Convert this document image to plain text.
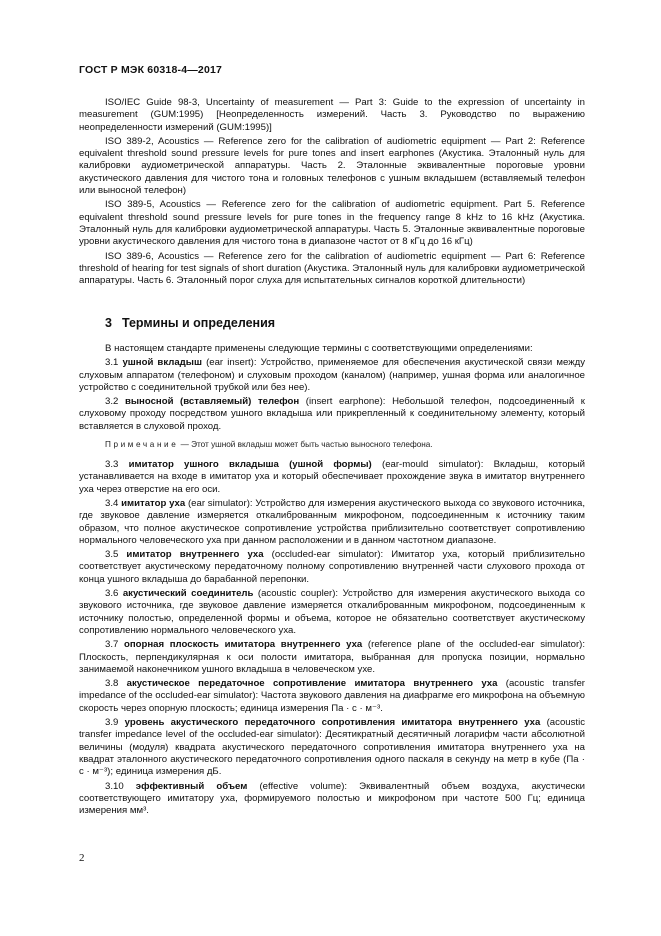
ГОСТ Р МЭК 60318-4—2017

ISO/IEC Guide 98-3, Uncertainty of measurement — Part 3: Guide to the expression of uncertainty in measurement (GUM:1995) [Неопределенность измерений. Часть 3. Руководство по выражению неопределенности измерений (GUM:1995)]

ISO 389-2, Acoustics — Reference zero for the calibration of audiometric equipment — Part 2: Reference equivalent threshold sound pressure levels for pure tones and insert earphones (Акустика. Эталонный нуль для калибровки аудиометрической аппаратуры. Часть 2. Эталонные эквивалентные пороговые уровни акустического давления для чистого тона и головных телефонов с ушным вкладышем (вставляемый телефон или выносной телефон)

ISO 389-5, Acoustics — Reference zero for the calibration of audiometric equipment. Part 5. Reference equivalent threshold sound pressure levels for pure tones in the frequency range 8 kHz to 16 kHz (Акустика. Эталонный нуль для калибровки аудиометрической аппаратуры. Часть 5. Эталонные эквивалентные пороговые уровни акустического давления для чистого тона в диапазоне частот от 8 кГц до 16 кГц)

ISO 389-6, Acoustics — Reference zero for the calibration of audiometric equipment — Part 6: Reference threshold of hearing for test signals of short duration (Акустика. Эталонный нуль для калибровки аудиометрической аппаратуры. Часть 6. Эталонный порог слуха для испытательных сигналов короткой длительности)

3 Термины и определения

В настоящем стандарте применены следующие термины с соответствующими определениями:

3.1 ушной вкладыш (ear insert): Устройство, применяемое для обеспечения акустической связи между слуховым аппаратом (телефоном) и слуховым проходом (каналом) (например, ушная форма или аналогичное устройство с соединительной трубкой или без нее).

3.2 выносной (вставляемый) телефон (insert earphone): Небольшой телефон, подсоединенный к слуховому проходу посредством ушного вкладыша или прикрепленный к соединительному элементу, который вставляется в слуховой проход.

Примечание — Этот ушной вкладыш может быть частью выносного телефона.

3.3 имитатор ушного вкладыша (ушной формы) (ear-mould simulator): Вкладыш, который устанавливается на входе в имитатор уха и который обеспечивает прохождение звука в имитатор внутреннего уха через отверстие на его оси.

3.4 имитатор уха (ear simulator): Устройство для измерения акустического выхода со звукового источника, где звуковое давление измеряется откалиброванным микрофоном, подсоединенным к источнику таким образом, что полное акустическое сопротивление устройства приблизительно соответствует сопротивлению нормального человеческого уха при данном расположении и в данном частотном диапазоне.

3.5 имитатор внутреннего уха (occluded-ear simulator): Имитатор уха, который приблизительно соответствует акустическому передаточному полному сопротивлению внутренней части слухового прохода от конца ушного вкладыша до барабанной перепонки.

3.6 акустический соединитель (acoustic coupler): Устройство для измерения акустического выхода со звукового источника, где звуковое давление измеряется откалиброванным микрофоном, подсоединенным к источнику полостью, определенной формы и объема, которое не обязательно соответствует акустическому сопротивлению нормального человеческого уха.

3.7 опорная плоскость имитатора внутреннего уха (reference plane of the occluded-ear simulator): Плоскость, перпендикулярная к оси полости имитатора, выбранная для пропуска позиции, нормально занимаемой наконечником ушного вкладыша в человеческом ухе.

3.8 акустическое передаточное сопротивление имитатора внутреннего уха (acoustic transfer impedance of the occluded-ear simulator): Частота звукового давления на диафрагме его микрофона на объемную скорость через опорную плоскость; единица измерения Па · с · м⁻³.

3.9 уровень акустического передаточного сопротивления имитатора внутреннего уха (acoustic transfer impedance level of the occluded-ear simulator): Десятикратный десятичный логарифм части абсолютной величины (модуля) квадрата акустического передаточного сопротивления имитатора внутреннего уха на квадрат эталонного акустического передаточного сопротивления одного паскаля в секунду на метр в кубе (Па · с · м⁻³); единица измерения дБ.

3.10 эффективный объем (effective volume): Эквивалентный объем воздуха, акустически соответствующего имитатору уха, формируемого полостью и микрофоном при частоте 500 Гц; единица измерения мм³.

2
